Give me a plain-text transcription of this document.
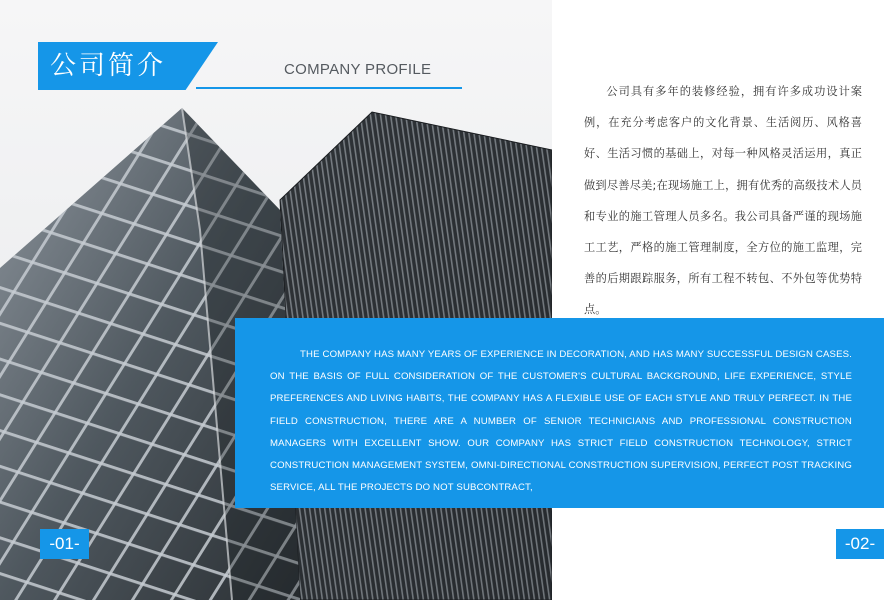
公司简介	COMPANY PROFILE

公司具有多年的装修经验，拥有许多成功设计案例，在充分考虑客户的文化背景、生活阅历、风格喜好、生活习惯的基础上，对每一种风格灵活运用，真正做到尽善尽美;在现场施工上，拥有优秀的高级技术人员和专业的施工管理人员多名。我公司具备严谨的现场施工工艺，严格的施工管理制度，全方位的施工监理，完善的后期跟踪服务，所有工程不转包、不外包等优势特点。

THE COMPANY HAS MANY YEARS OF EXPERIENCE IN DECORATION, AND HAS MANY SUCCESSFUL DESIGN CASES. ON THE BASIS OF FULL CONSIDERATION OF THE CUSTOMER'S CULTURAL BACKGROUND, LIFE EXPERIENCE, STYLE PREFERENCES AND LIVING HABITS, THE COMPANY HAS A FLEXIBLE USE OF EACH STYLE AND TRULY PERFECT. IN THE FIELD CONSTRUCTION, THERE ARE A NUMBER OF SENIOR TECHNICIANS AND PROFESSIONAL CONSTRUCTION MANAGERS WITH EXCELLENT SHOW. OUR COMPANY HAS STRICT FIELD CONSTRUCTION TECHNOLOGY, STRICT CONSTRUCTION MANAGEMENT SYSTEM, OMNI-DIRECTIONAL CONSTRUCTION SUPERVISION, PERFECT POST TRACKING SERVICE, ALL THE PROJECTS DO NOT SUBCONTRACT,

-01-	-02-
